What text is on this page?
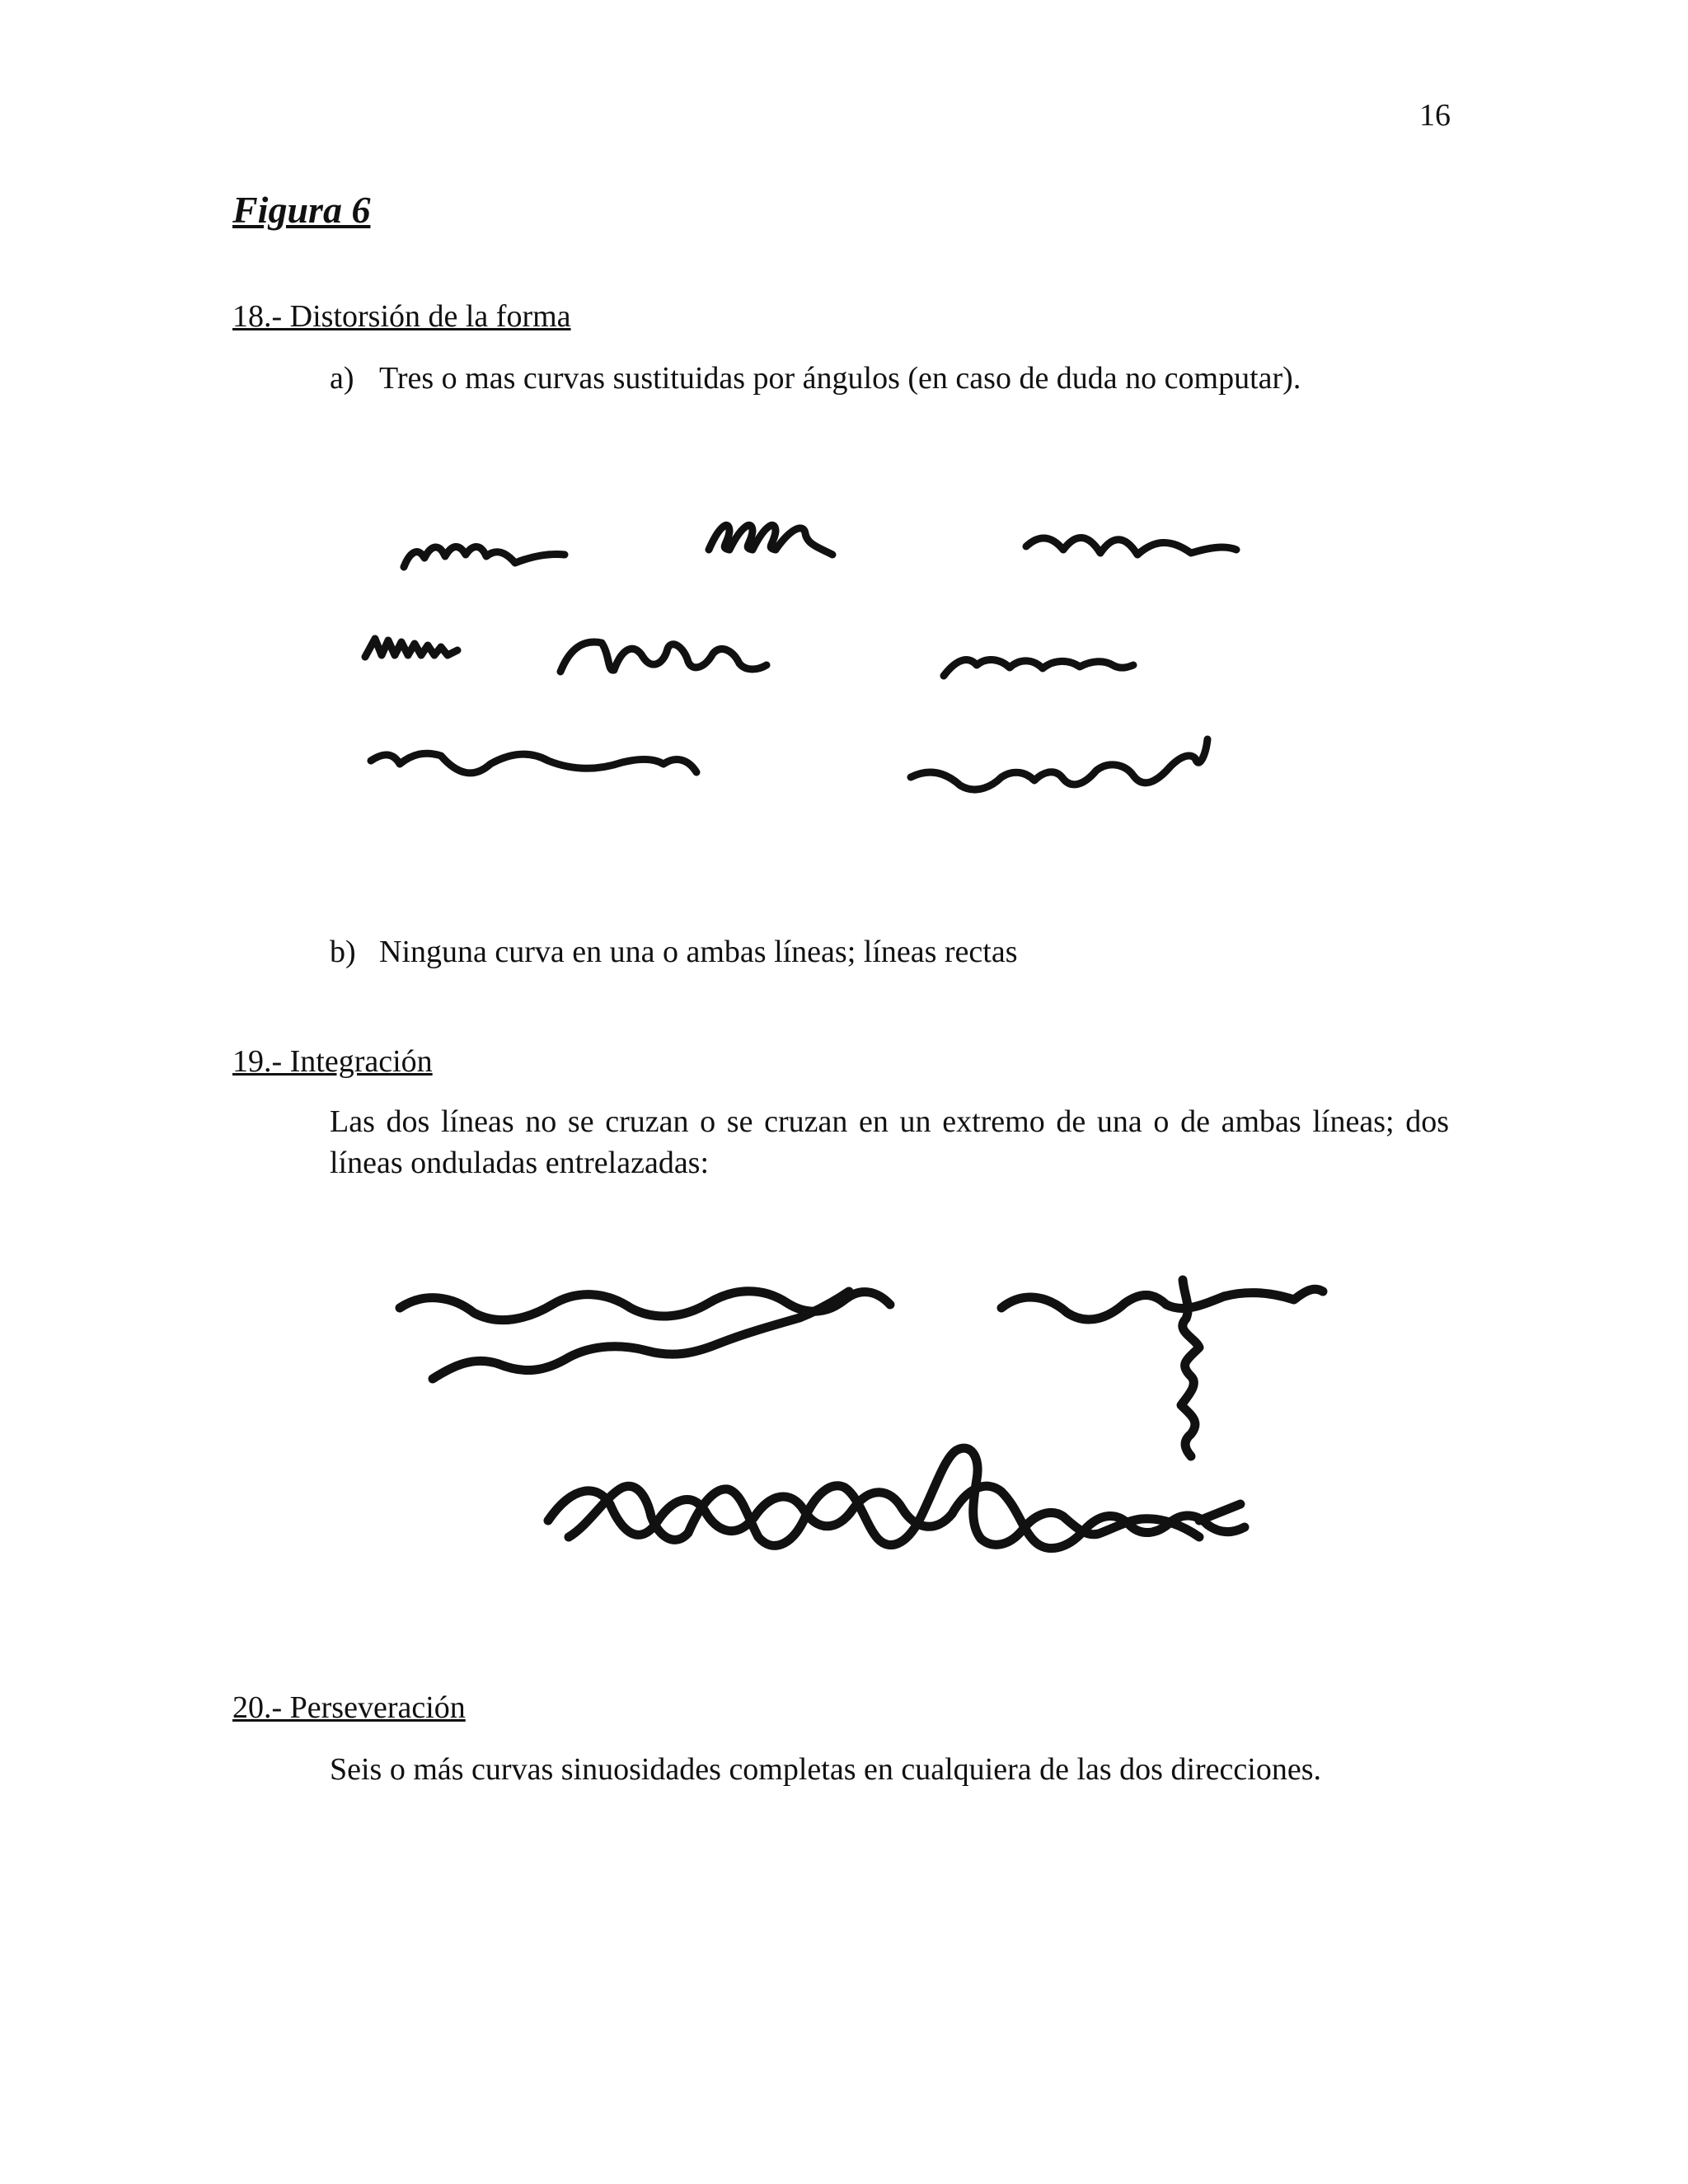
16
Figura 6
18.- Distorsión de la forma
a) Tres o mas curvas sustituidas por ángulos (en caso de duda no computar).
b) Ninguna curva en una o ambas líneas; líneas rectas
19.- Integración
Las dos líneas no se cruzan o se cruzan en un extremo de una o de ambas líneas; dos líneas onduladas entrelazadas:
20.- Perseveración
Seis o más curvas sinuosidades completas en cualquiera de las dos direcciones.
